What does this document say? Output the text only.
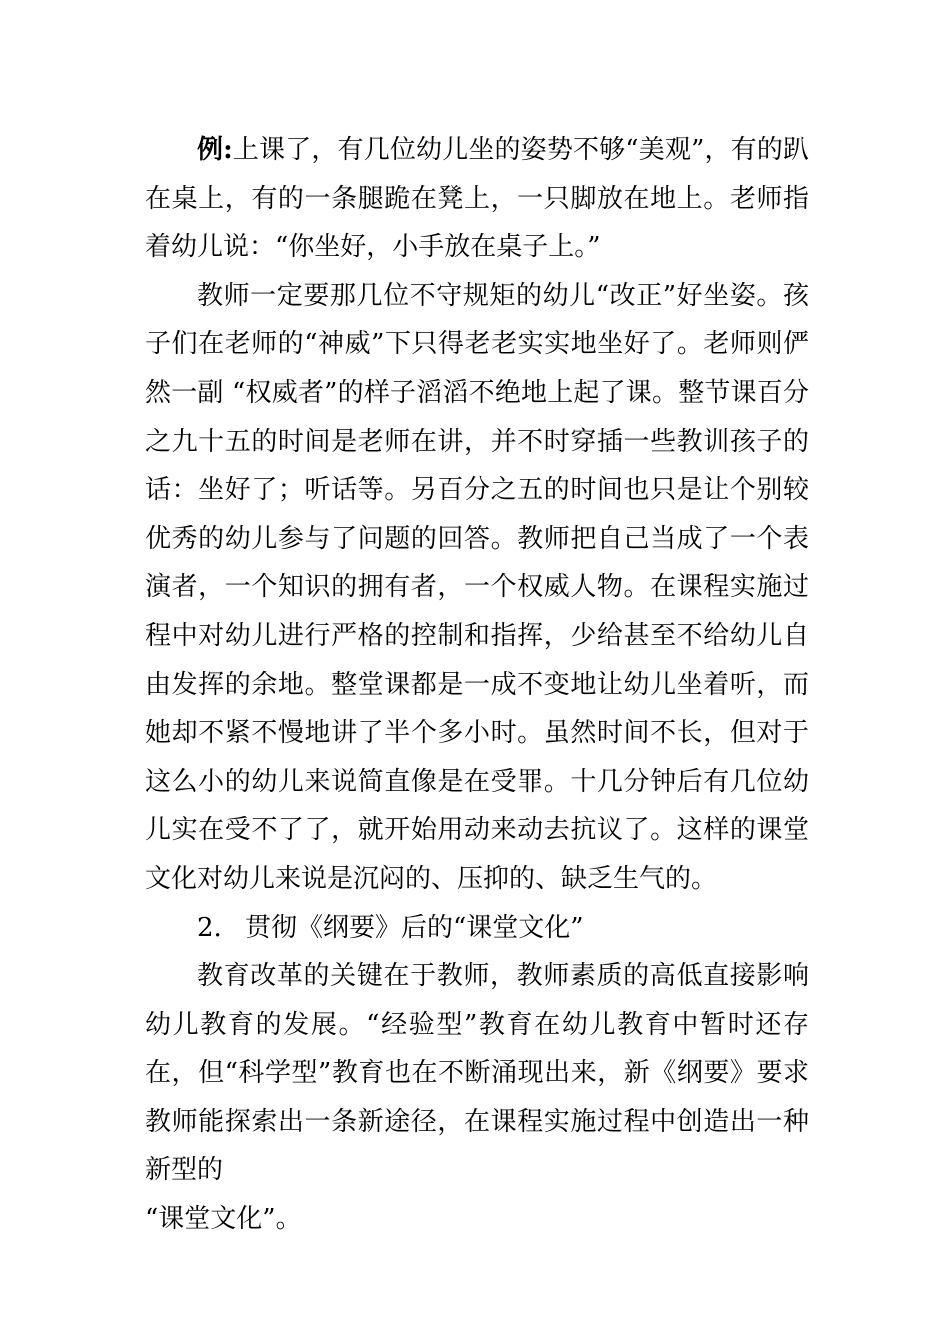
例:上课了，有几位幼儿坐的姿势不够“美观”，有的趴在桌上，有的一条腿跪在凳上，一只脚放在地上。老师指着幼儿说：“你坐好，小手放在桌子上。”

教师一定要那几位不守规矩的幼儿“改正”好坐姿。孩子们在老师的“神威”下只得老老实实地坐好了。老师则俨然一副 “权威者”的样子滔滔不绝地上起了课。整节课百分之九十五的时间是老师在讲，并不时穿插一些教训孩子的话：坐好了；听话等。另百分之五的时间也只是让个别较优秀的幼儿参与了问题的回答。教师把自己当成了一个表演者，一个知识的拥有者，一个权威人物。在课程实施过程中对幼儿进行严格的控制和指挥，少给甚至不给幼儿自由发挥的余地。整堂课都是一成不变地让幼儿坐着听，而她却不紧不慢地讲了半个多小时。虽然时间不长，但对于这么小的幼儿来说简直像是在受罪。十几分钟后有几位幼儿实在受不了了，就开始用动来动去抗议了。这样的课堂文化对幼儿来说是沉闷的、压抑的、缺乏生气的。

2. 贯彻《纲要》后的“课堂文化”

教育改革的关键在于教师，教师素质的高低直接影响幼儿教育的发展。“经验型”教育在幼儿教育中暂时还存在，但“科学型”教育也在不断涌现出来，新《纲要》要求教师能探索出一条新途径，在课程实施过程中创造出一种新型的

“课堂文化”。
